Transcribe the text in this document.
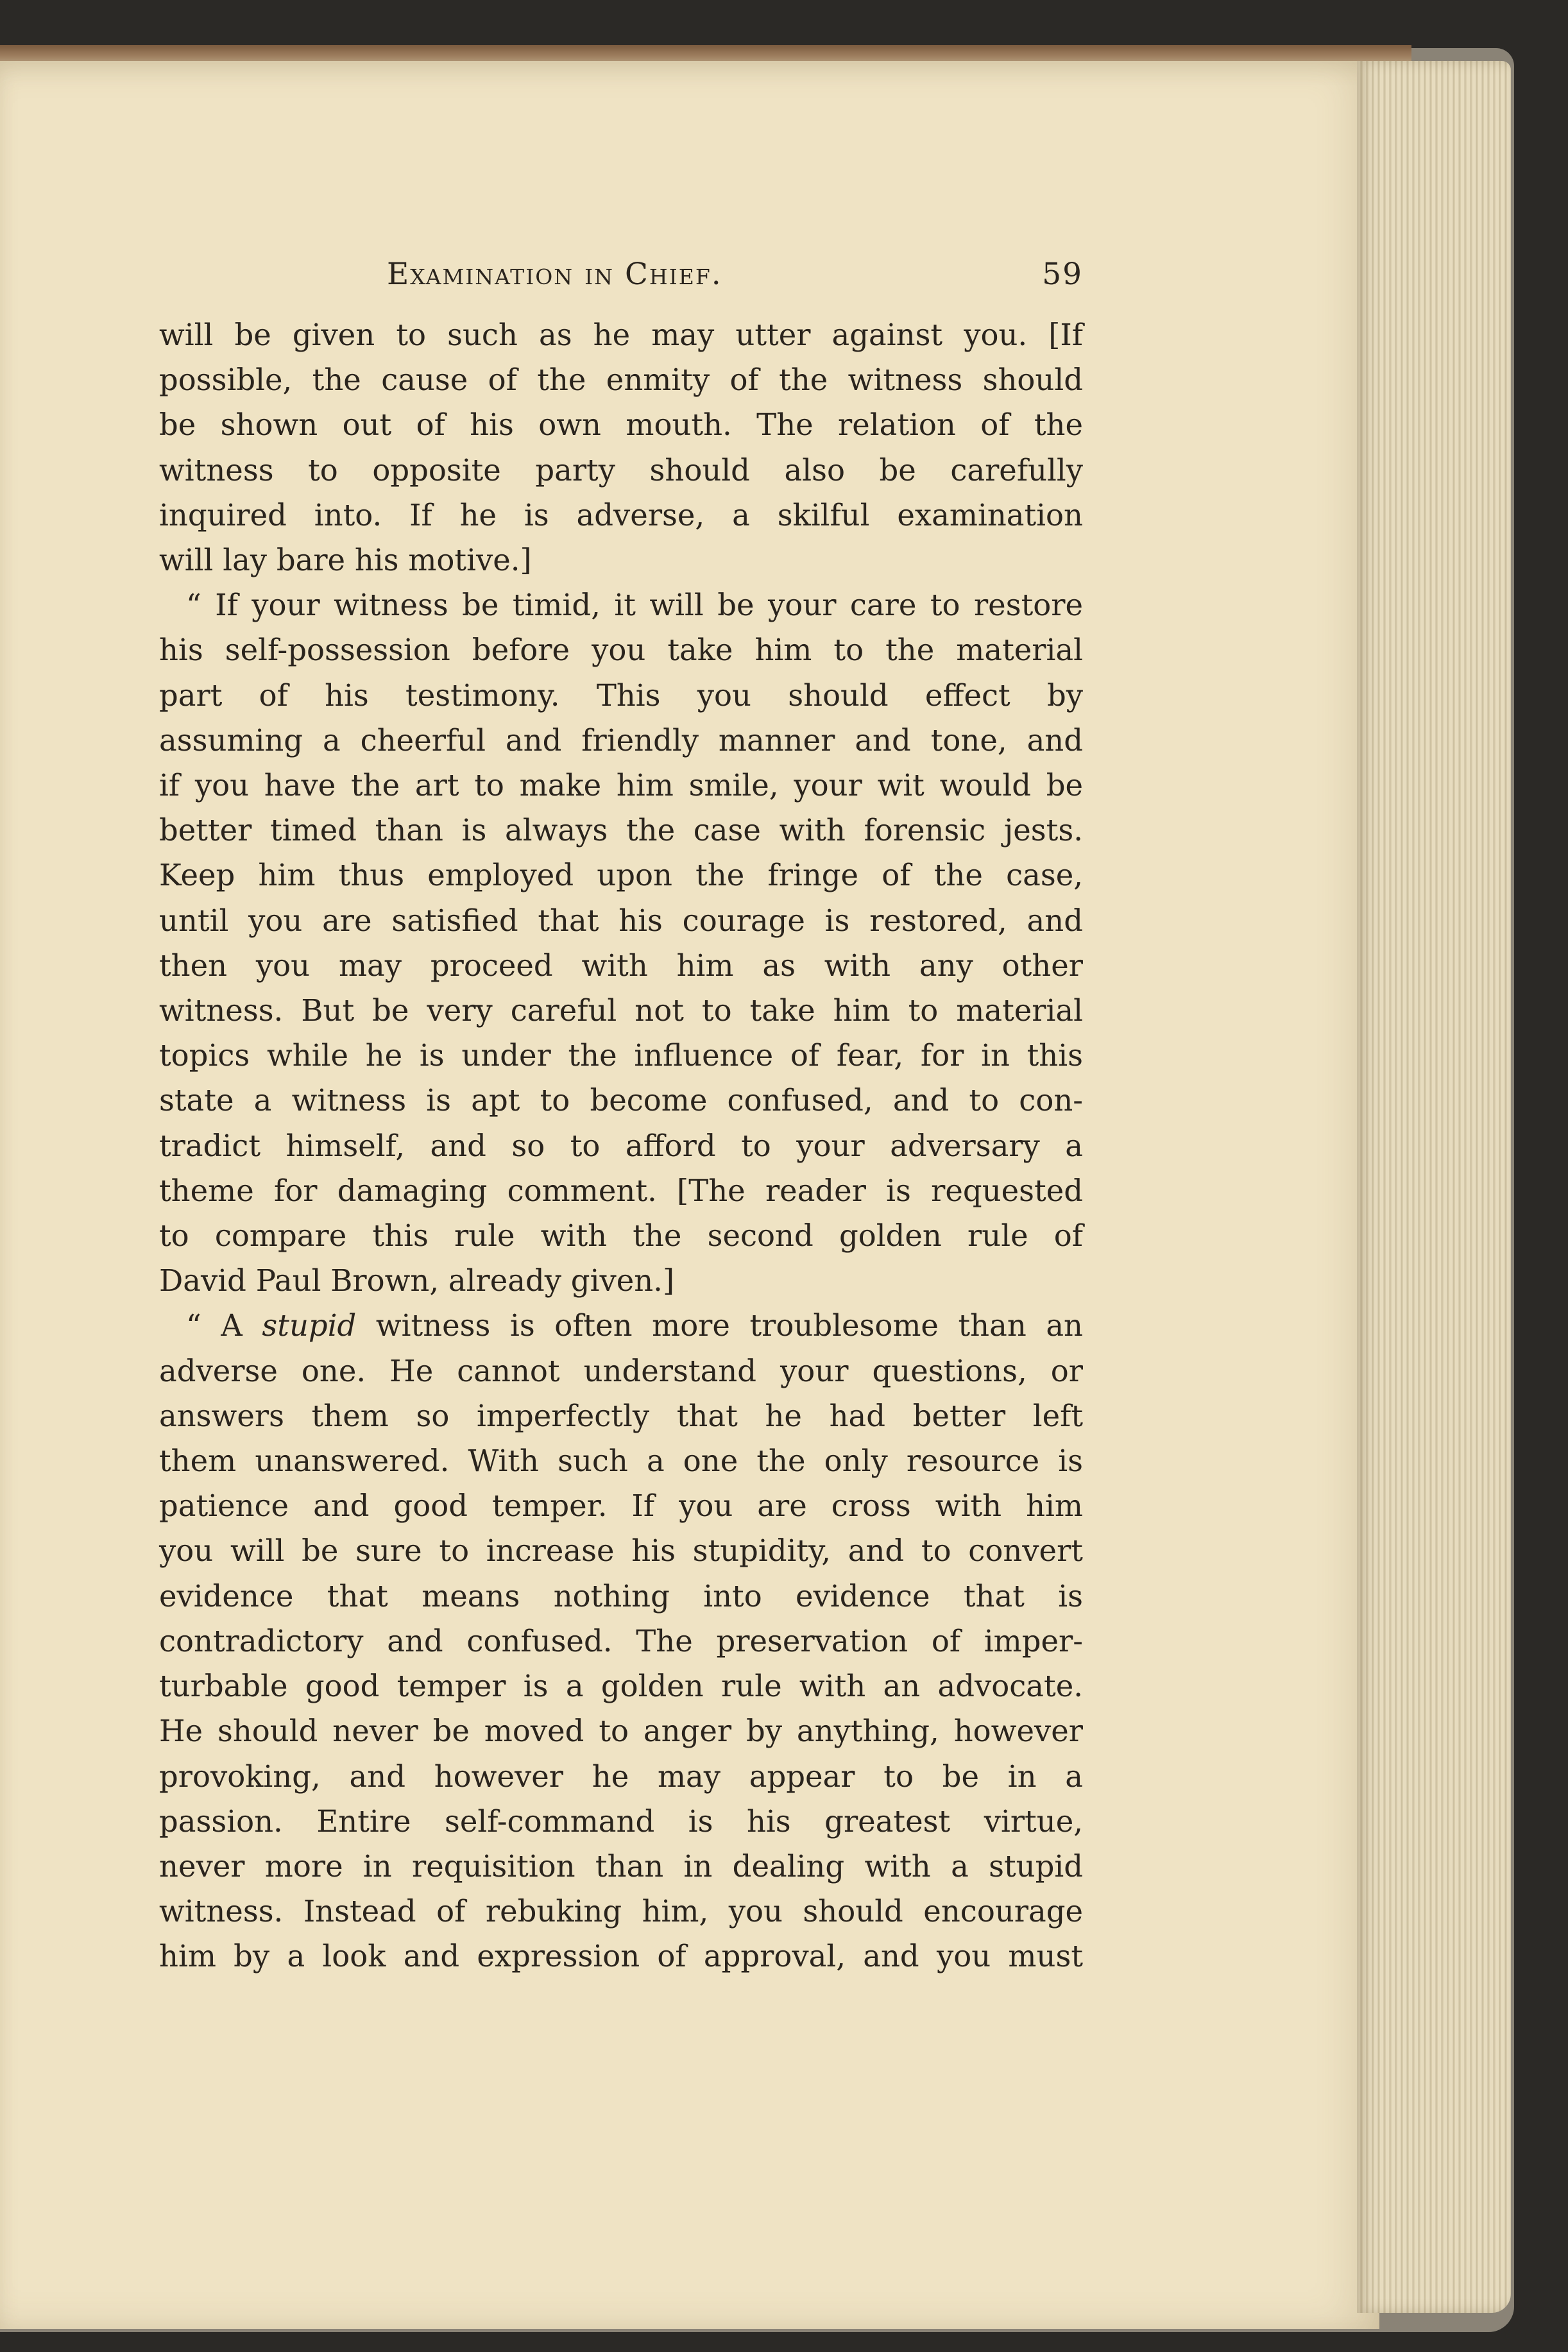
Examination in Chief.	59
will be given to such as he may utter against you. [If
possible, the cause of the enmity of the witness should
be shown out of his own mouth. The relation of the
witness to opposite party should also be carefully
inquired into. If he is adverse, a skilful examination
will lay bare his motive.]
“ If your witness be timid, it will be your care to restore
his self-possession before you take him to the material
part of his testimony. This you should effect by
assuming a cheerful and friendly manner and tone, and
if you have the art to make him smile, your wit would be
better timed than is always the case with forensic jests.
Keep him thus employed upon the fringe of the case,
until you are satisfied that his courage is restored, and
then you may proceed with him as with any other
witness. But be very careful not to take him to material
topics while he is under the influence of fear, for in this
state a witness is apt to become confused, and to con-
tradict himself, and so to afford to your adversary a
theme for damaging comment. [The reader is requested
to compare this rule with the second golden rule of
David Paul Brown, already given.]
“ A stupid witness is often more troublesome than an
adverse one. He cannot understand your questions, or
answers them so imperfectly that he had better left
them unanswered. With such a one the only resource is
patience and good temper. If you are cross with him
you will be sure to increase his stupidity, and to convert
evidence that means nothing into evidence that is
contradictory and confused. The preservation of imper-
turbable good temper is a golden rule with an advocate.
He should never be moved to anger by anything, however
provoking, and however he may appear to be in a
passion. Entire self-command is his greatest virtue,
never more in requisition than in dealing with a stupid
witness. Instead of rebuking him, you should encourage
him by a look and expression of approval, and you must
